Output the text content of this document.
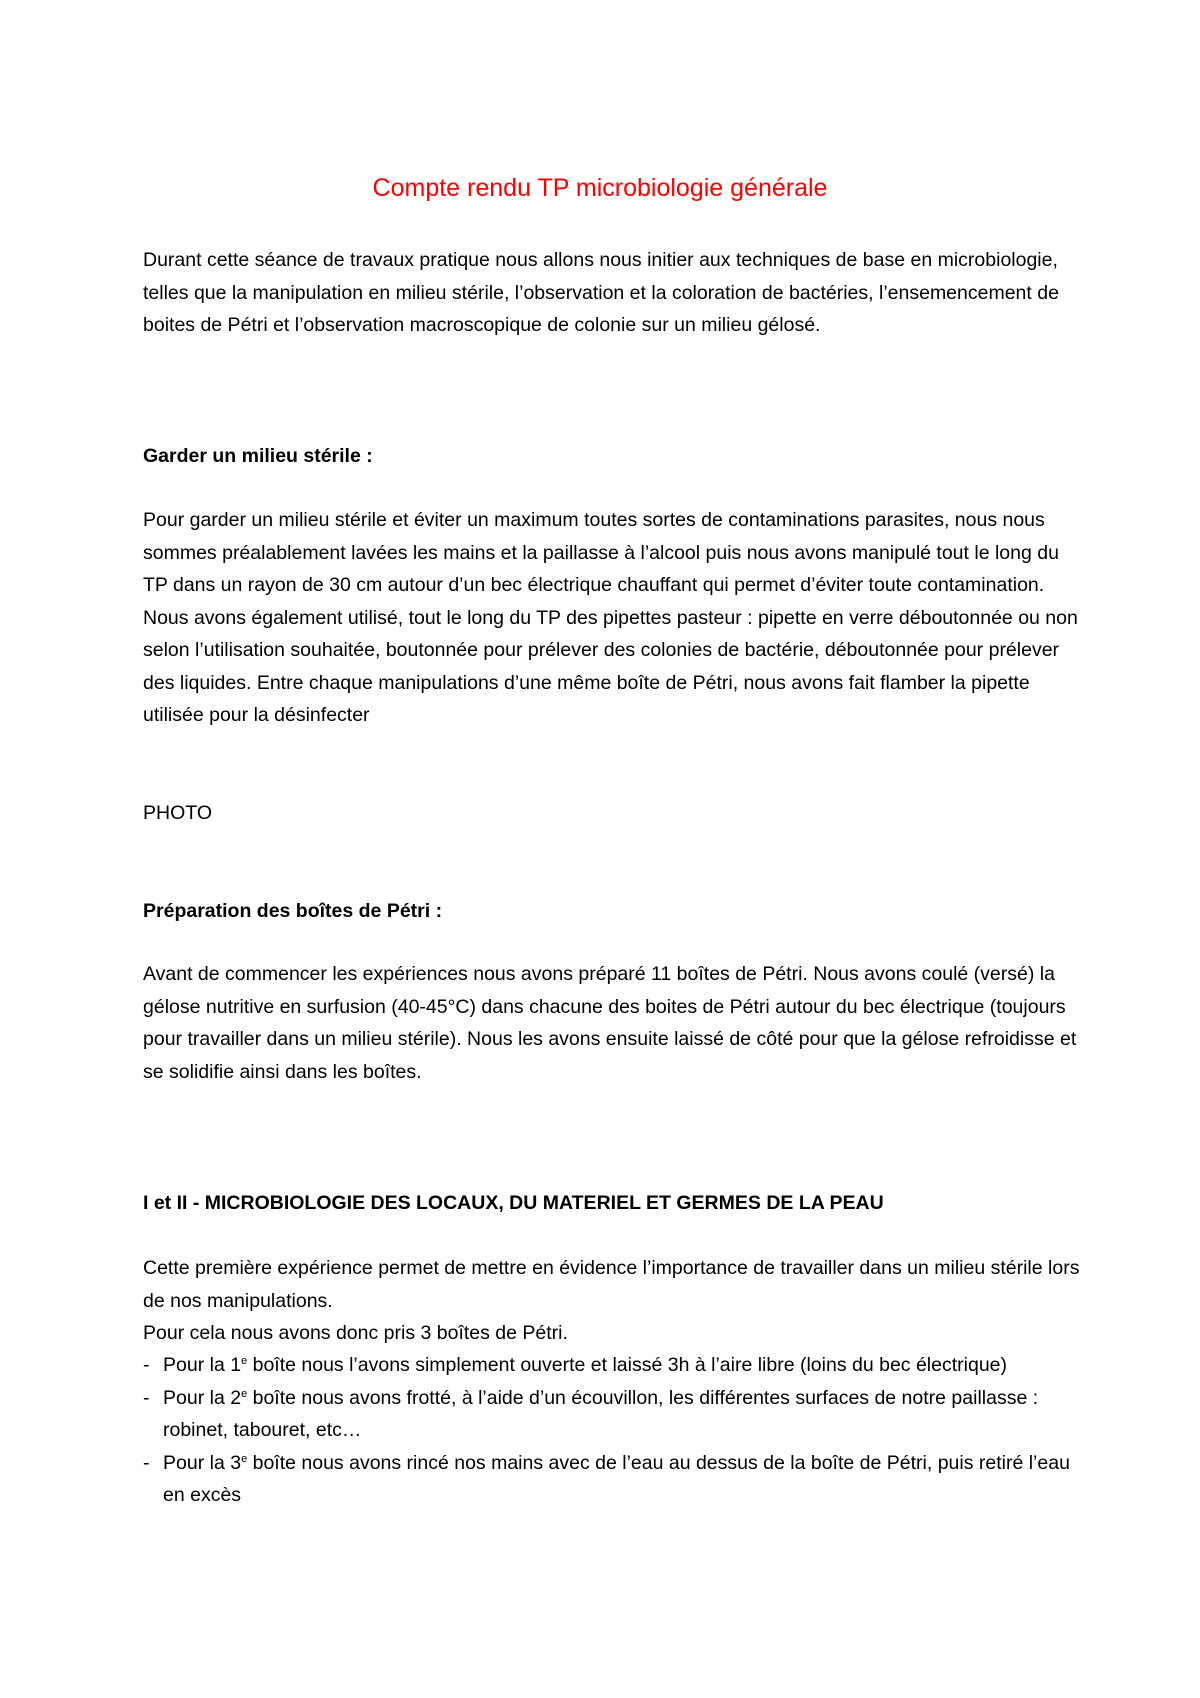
Compte rendu TP microbiologie générale

Durant cette séance de travaux pratique nous allons nous initier aux techniques de base en microbiologie, telles que la manipulation en milieu stérile, l’observation et la coloration de bactéries, l’ensemencement de boites de Pétri et l’observation macroscopique de colonie sur un milieu gélosé.

Garder un milieu stérile :

Pour garder un milieu stérile et éviter un maximum toutes sortes de contaminations parasites, nous nous sommes préalablement lavées les mains et la paillasse à l’alcool puis nous avons manipulé tout le long du TP dans un rayon de 30 cm autour d’un bec électrique chauffant qui permet d’éviter toute contamination. Nous avons également utilisé, tout le long du TP des pipettes pasteur : pipette en verre déboutonnée ou non selon l’utilisation souhaitée, boutonnée pour prélever des colonies de bactérie, déboutonnée pour prélever des liquides. Entre chaque manipulations d’une même boîte de Pétri, nous avons fait flamber la pipette utilisée pour la désinfecter

PHOTO

Préparation des boîtes de Pétri :

Avant de commencer les expériences nous avons préparé 11 boîtes de Pétri. Nous avons coulé (versé) la gélose nutritive en surfusion (40-45°C) dans chacune des boites de Pétri autour du bec électrique (toujours pour travailler dans un milieu stérile). Nous les avons ensuite laissé de côté pour que la gélose refroidisse et se solidifie ainsi dans les boîtes.

I et II - MICROBIOLOGIE DES LOCAUX, DU MATERIEL ET GERMES DE LA PEAU

Cette première expérience permet de mettre en évidence l’importance de travailler dans un milieu stérile lors de nos manipulations.

Pour cela nous avons donc pris 3 boîtes de Pétri.

- Pour la 1e boîte nous l’avons simplement ouverte et laissé 3h à l’aire libre (loins du bec électrique)
- Pour la 2e boîte nous avons frotté, à l’aide d’un écouvillon, les différentes surfaces de notre paillasse : robinet, tabouret, etc…
- Pour la 3e boîte nous avons rincé nos mains avec de l’eau au dessus de la boîte de Pétri, puis retiré l’eau en excès
